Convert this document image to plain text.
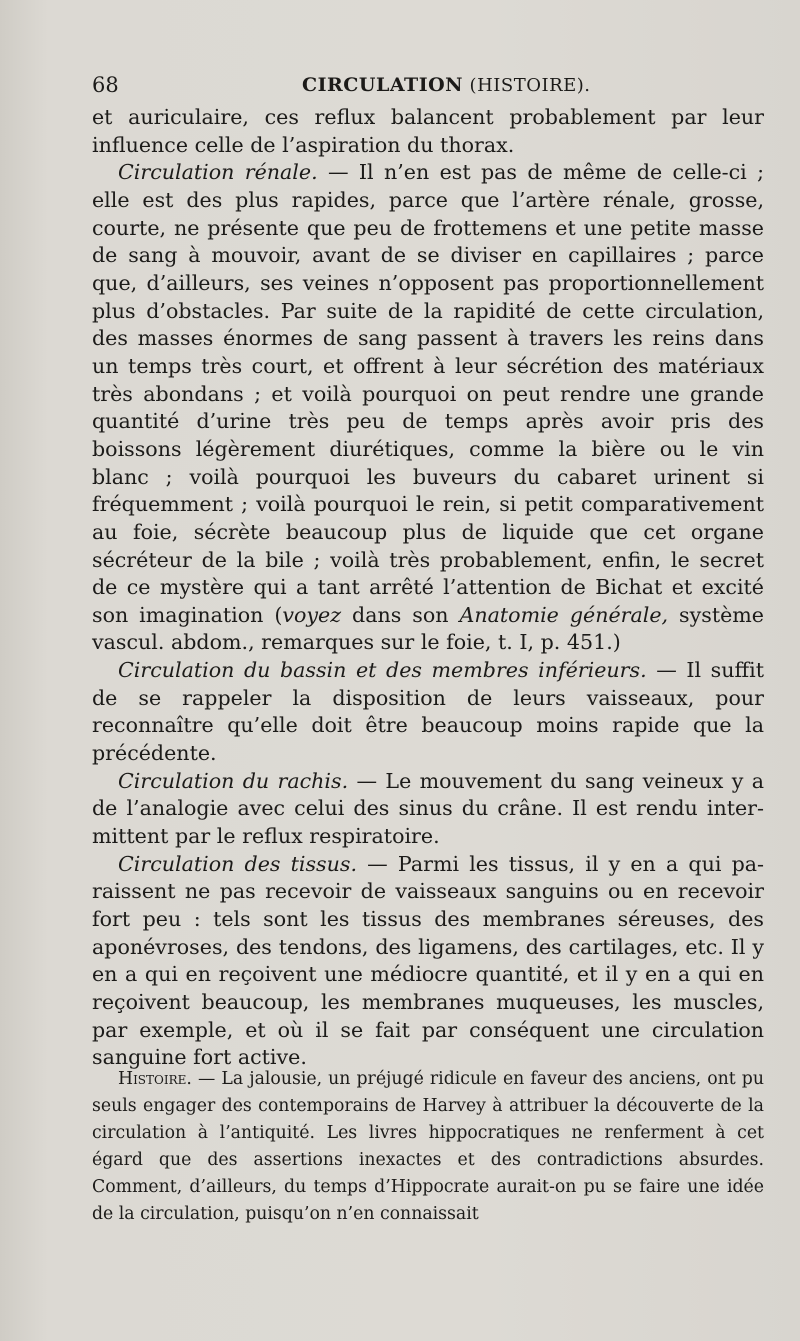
68	CIRCULATION (HISTOIRE).

et auriculaire, ces reflux balancent probablement par leur influence celle de l’aspiration du thorax.

Circulation rénale. — Il n’en est pas de même de celle-ci ; elle est des plus rapides, parce que l’artère rénale, grosse, courte, ne présente que peu de frottemens et une petite masse de sang à mouvoir, avant de se diviser en capillaires ; parce que, d’ailleurs, ses veines n’opposent pas proportionnellement plus d’obstacles. Par suite de la rapidité de cette circulation, des masses énormes de sang passent à travers les reins dans un temps très court, et offrent à leur sécrétion des matériaux très abondans ; et voilà pourquoi on peut rendre une grande quantité d’urine très peu de temps après avoir pris des boissons légèrement diurétiques, comme la bière ou le vin blanc ; voilà pourquoi les buveurs du cabaret urinent si fréquemment ; voilà pourquoi le rein, si petit comparativement au foie, sécrète beaucoup plus de liquide que cet organe sécréteur de la bile ; voilà très probablement, enfin, le secret de ce mystère qui a tant arrêté l’attention de Bichat et excité son imagination (voyez dans son Anatomie générale, système vascul. abdom., remarques sur le foie, t. I, p. 451.)

Circulation du bassin et des membres inférieurs. — Il suffit de se rappeler la disposition de leurs vaisseaux, pour reconnaître qu’elle doit être beaucoup moins rapide que la précédente.

Circulation du rachis. — Le mouvement du sang veineux y a de l’analogie avec celui des sinus du crâne. Il est rendu intermittent par le reflux respiratoire.

Circulation des tissus. — Parmi les tissus, il y en a qui paraissent ne pas recevoir de vaisseaux sanguins ou en recevoir fort peu : tels sont les tissus des membranes séreuses, des aponévroses, des tendons, des ligamens, des cartilages, etc. Il y en a qui en reçoivent une médiocre quantité, et il y en a qui en reçoivent beaucoup, les membranes muqueuses, les muscles, par exemple, et où il se fait par conséquent une circulation sanguine fort active.

Histoire. — La jalousie, un préjugé ridicule en faveur des anciens, ont pu seuls engager des contemporains de Harvey à attribuer la découverte de la circulation à l’antiquité. Les livres hippocratiques ne renferment à cet égard que des assertions inexactes et des contradictions absurdes. Comment, d’ailleurs, du temps d’Hippocrate aurait-on pu se faire une idée de la circulation, puisqu’on n’en connaissait
